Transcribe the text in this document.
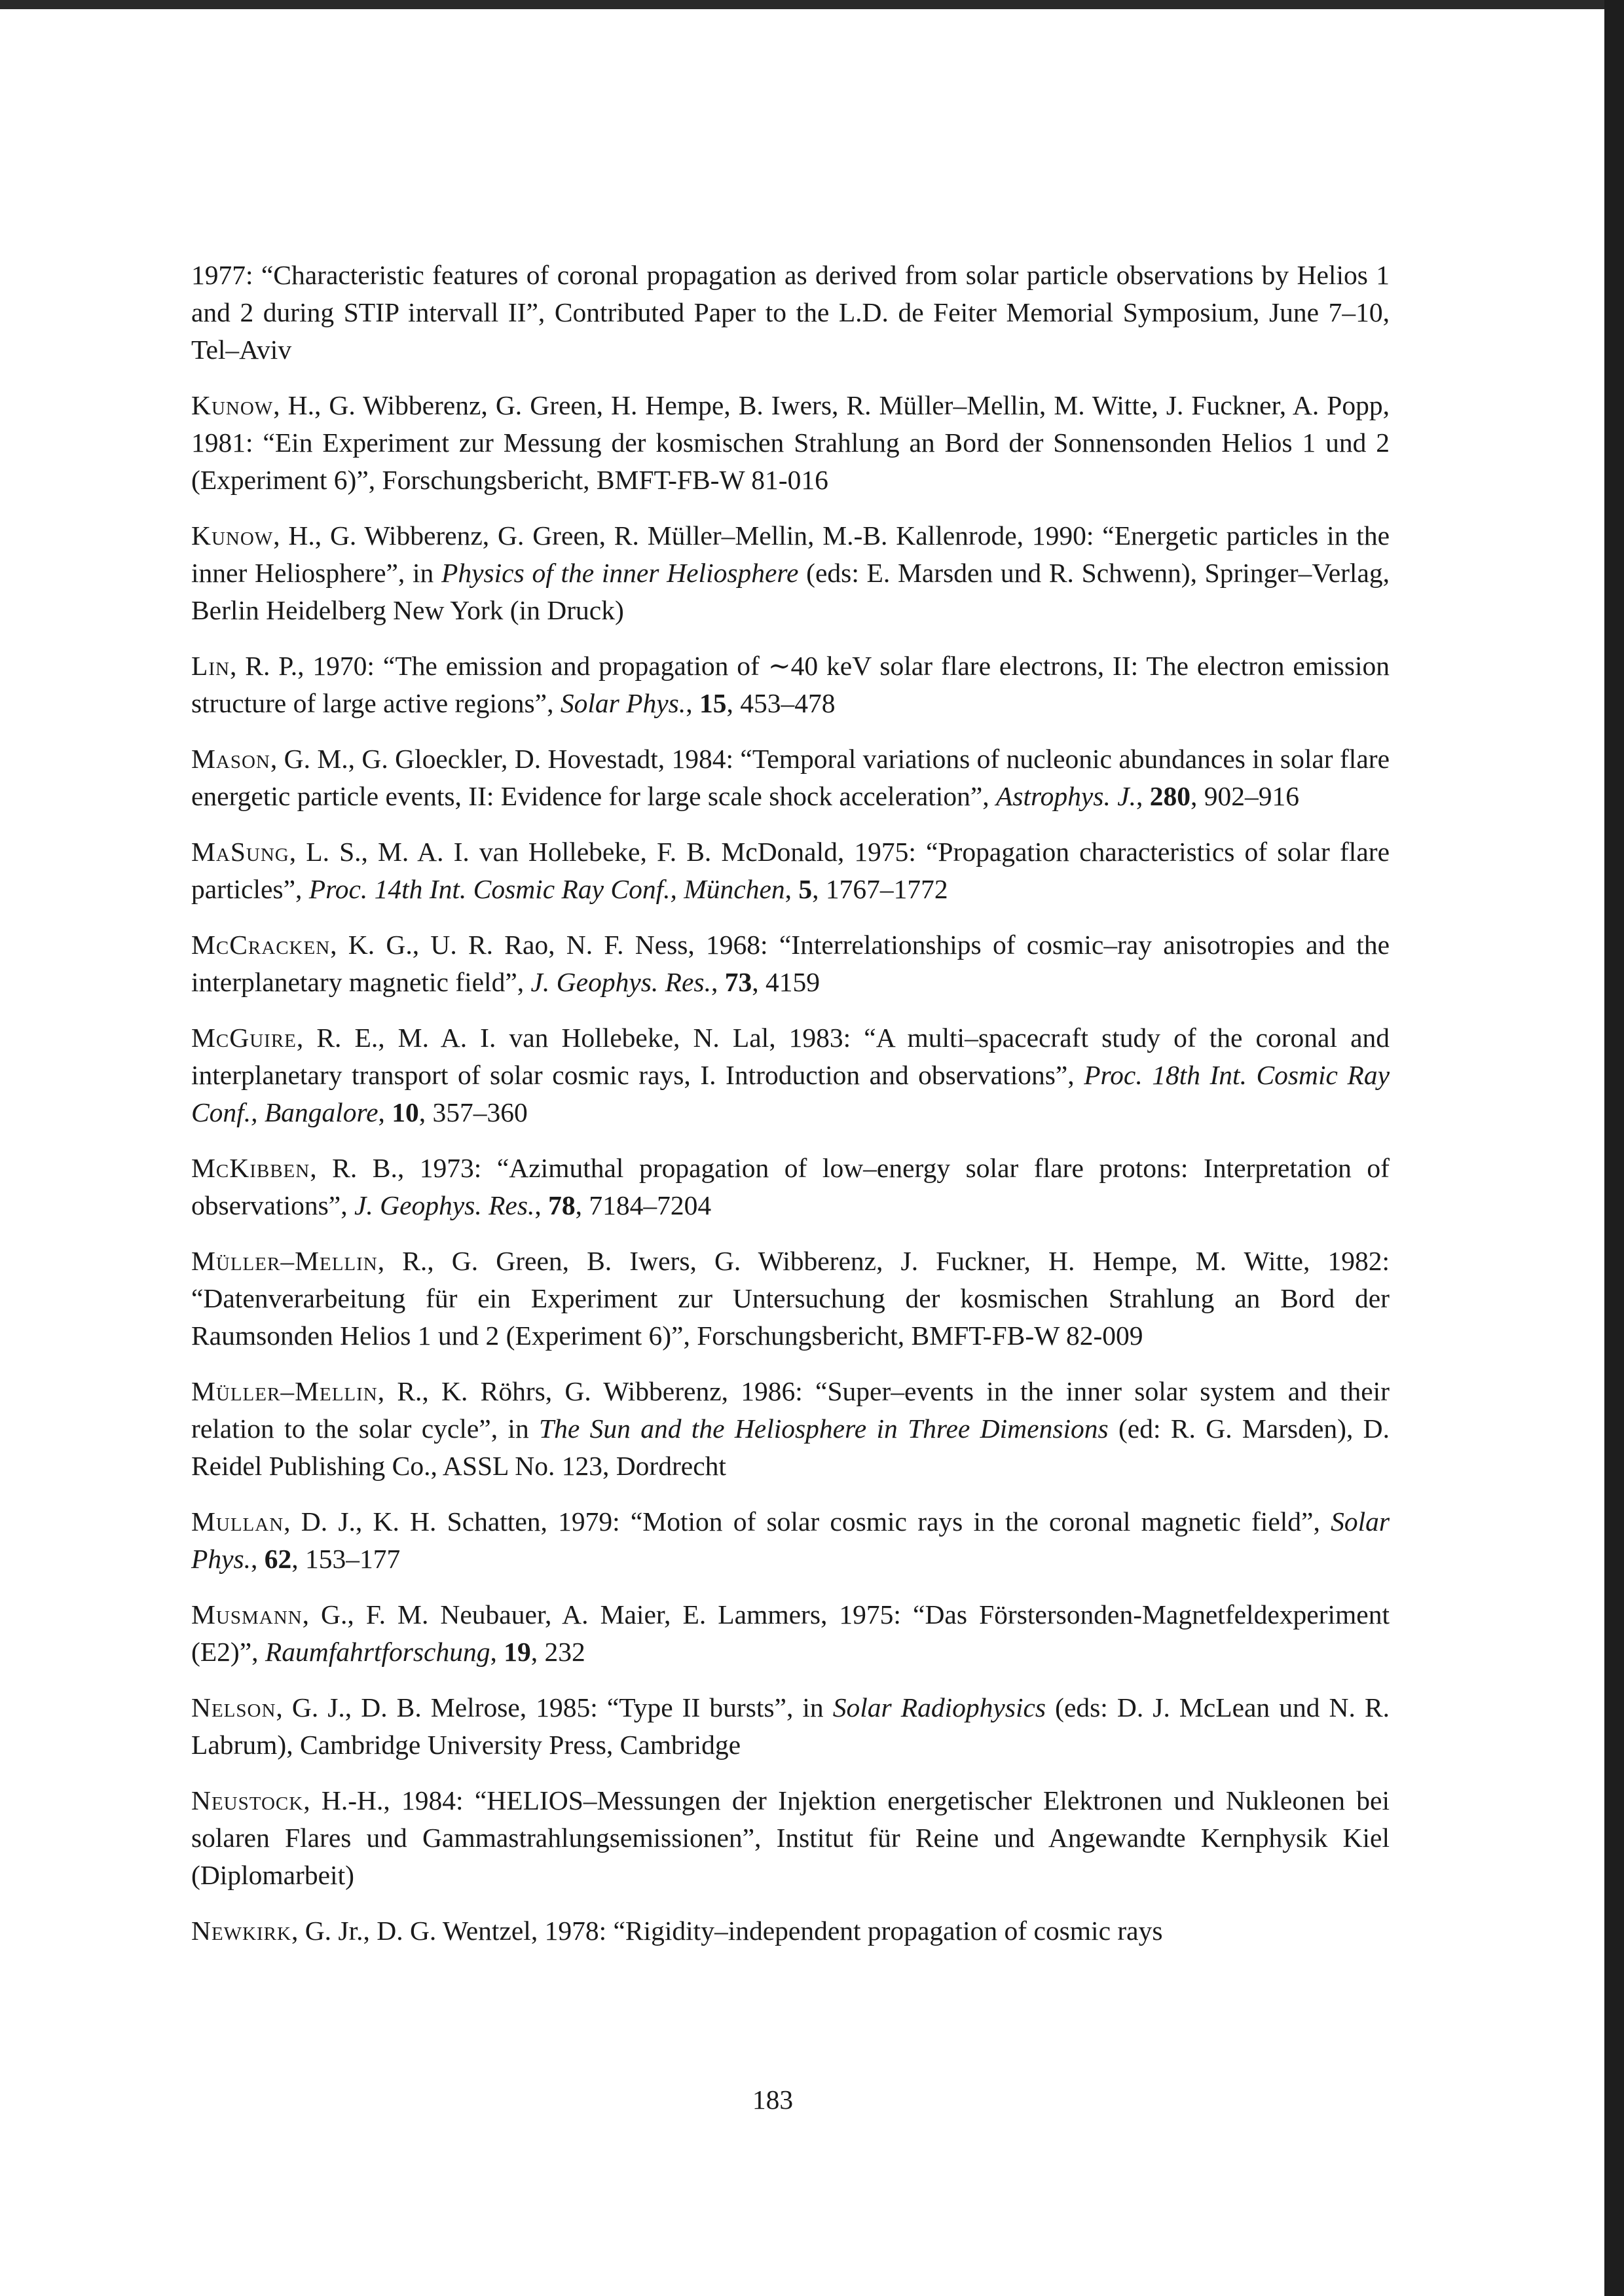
1977: “Characteristic features of coronal propagation as derived from solar particle observations by Helios 1 and 2 during STIP intervall II”, Contributed Paper to the L.D. de Feiter Memorial Symposium, June 7–10, Tel–Aviv

Kunow, H., G. Wibberenz, G. Green, H. Hempe, B. Iwers, R. Müller–Mellin, M. Witte, J. Fuckner, A. Popp, 1981: “Ein Experiment zur Messung der kosmischen Strahlung an Bord der Sonnensonden Helios 1 und 2 (Experiment 6)”, Forschungsbericht, BMFT-FB-W 81-016

Kunow, H., G. Wibberenz, G. Green, R. Müller–Mellin, M.-B. Kallenrode, 1990: “Energetic particles in the inner Heliosphere”, in Physics of the inner Heliosphere (eds: E. Marsden und R. Schwenn), Springer–Verlag, Berlin Heidelberg New York (in Druck)

Lin, R. P., 1970: “The emission and propagation of ∼40 keV solar flare electrons, II: The electron emission structure of large active regions”, Solar Phys., 15, 453–478

Mason, G. M., G. Gloeckler, D. Hovestadt, 1984: “Temporal variations of nucleonic abundances in solar flare energetic particle events, II: Evidence for large scale shock acceleration”, Astrophys. J., 280, 902–916

MaSung, L. S., M. A. I. van Hollebeke, F. B. McDonald, 1975: “Propagation characteristics of solar flare particles”, Proc. 14th Int. Cosmic Ray Conf., München, 5, 1767–1772

McCracken, K. G., U. R. Rao, N. F. Ness, 1968: “Interrelationships of cosmic–ray anisotropies and the interplanetary magnetic field”, J. Geophys. Res., 73, 4159

McGuire, R. E., M. A. I. van Hollebeke, N. Lal, 1983: “A multi–spacecraft study of the coronal and interplanetary transport of solar cosmic rays, I. Introduction and observations”, Proc. 18th Int. Cosmic Ray Conf., Bangalore, 10, 357–360

McKibben, R. B., 1973: “Azimuthal propagation of low–energy solar flare protons: Interpretation of observations”, J. Geophys. Res., 78, 7184–7204

Müller–Mellin, R., G. Green, B. Iwers, G. Wibberenz, J. Fuckner, H. Hempe, M. Witte, 1982: “Datenverarbeitung für ein Experiment zur Untersuchung der kosmischen Strahlung an Bord der Raumsonden Helios 1 und 2 (Experiment 6)”, Forschungsbericht, BMFT-FB-W 82-009

Müller–Mellin, R., K. Röhrs, G. Wibberenz, 1986: “Super–events in the inner solar system and their relation to the solar cycle”, in The Sun and the Heliosphere in Three Dimensions (ed: R. G. Marsden), D. Reidel Publishing Co., ASSL No. 123, Dordrecht

Mullan, D. J., K. H. Schatten, 1979: “Motion of solar cosmic rays in the coronal magnetic field”, Solar Phys., 62, 153–177

Musmann, G., F. M. Neubauer, A. Maier, E. Lammers, 1975: “Das Förstersonden-Magnetfeldexperiment (E2)”, Raumfahrtforschung, 19, 232

Nelson, G. J., D. B. Melrose, 1985: “Type II bursts”, in Solar Radiophysics (eds: D. J. McLean und N. R. Labrum), Cambridge University Press, Cambridge

Neustock, H.-H., 1984: “HELIOS–Messungen der Injektion energetischer Elektronen und Nukleonen bei solaren Flares und Gammastrahlungsemissionen”, Institut für Reine und Angewandte Kernphysik Kiel (Diplomarbeit)

Newkirk, G. Jr., D. G. Wentzel, 1978: “Rigidity–independent propagation of cosmic rays

183
